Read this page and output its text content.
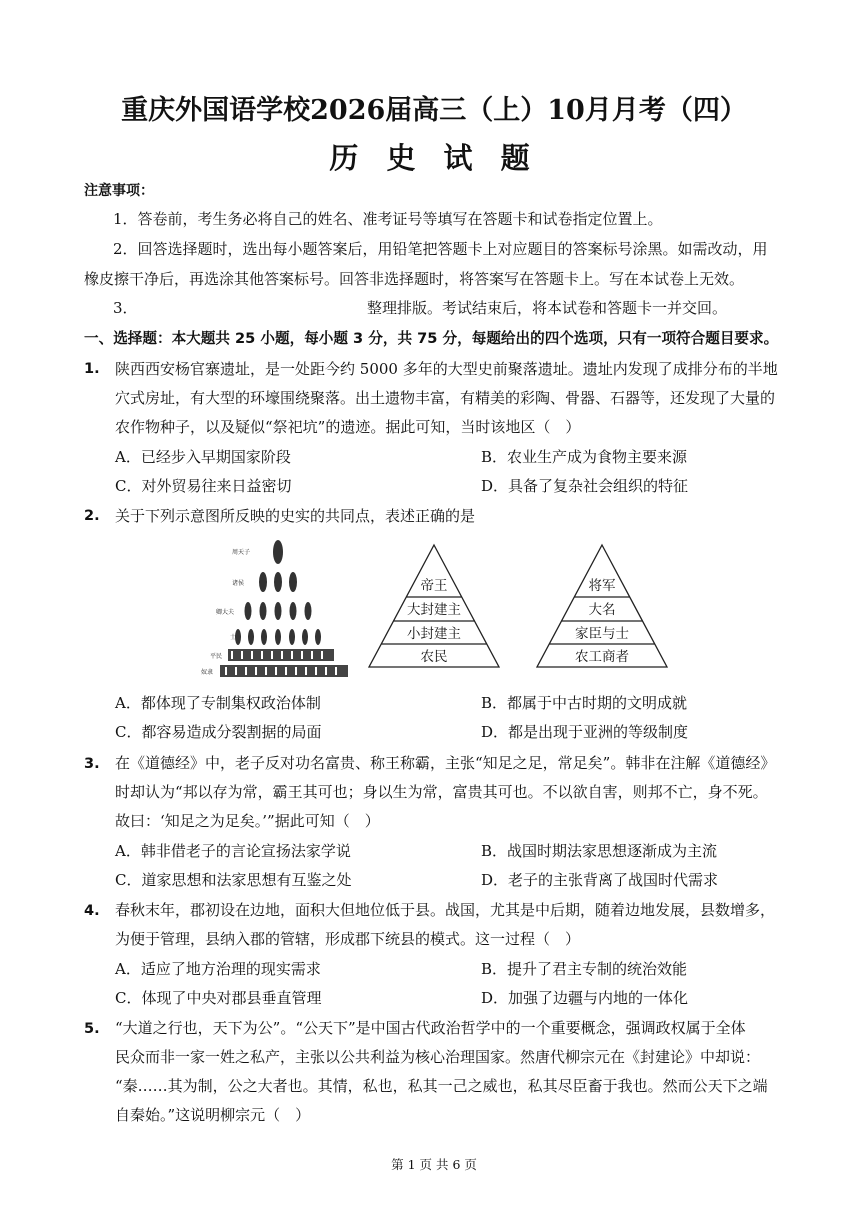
重庆外国语学校2026届高三（上）10月月考（四）
历 史 试 题
注意事项：
1．答卷前，考生务必将自己的姓名、准考证号等填写在答题卡和试卷指定位置上。
2．回答选择题时，选出每小题答案后，用铅笔把答题卡上对应题目的答案标号涂黑。如需改动，用
橡皮擦干净后，再选涂其他答案标号。回答非选择题时，将答案写在答题卡上。写在本试卷上无效。
3．	整理排版。考试结束后，将本试卷和答题卡一并交回。
一、选择题：本大题共 25 小题，每小题 3 分，共 75 分，每题给出的四个选项，只有一项符合题目要求。
1. 陕西西安杨官寨遗址，是一处距今约 5000 多年的大型史前聚落遗址。遗址内发现了成排分布的半地
穴式房址，有大型的环壕围绕聚落。出土遗物丰富，有精美的彩陶、骨器、石器等，还发现了大量的
农作物种子，以及疑似“祭祀坑”的遗迹。据此可知，当时该地区（　）
A．已经步入早期国家阶段	B．农业生产成为食物主要来源
C．对外贸易往来日益密切	D．具备了复杂社会组织的特征
2. 关于下列示意图所反映的史实的共同点，表述正确的是
周天子
诸侯
卿大夫
士
平民
奴隶
帝王
大封建主
小封建主
农民
将军
大名
家臣与士
农工商者
A．都体现了专制集权政治体制	B．都属于中古时期的文明成就
C．都容易造成分裂割据的局面	D．都是出现于亚洲的等级制度
3. 在《道德经》中，老子反对功名富贵、称王称霸，主张“知足之足，常足矣”。韩非在注解《道德经》
时却认为“邦以存为常，霸王其可也；身以生为常，富贵其可也。不以欲自害，则邦不亡，身不死。
故曰：‘知足之为足矣。’”据此可知（　）
A．韩非借老子的言论宣扬法家学说	B．战国时期法家思想逐渐成为主流
C．道家思想和法家思想有互鉴之处	D．老子的主张背离了战国时代需求
4. 春秋末年，郡初设在边地，面积大但地位低于县。战国，尤其是中后期，随着边地发展，县数增多，
为便于管理，县纳入郡的管辖，形成郡下统县的模式。这一过程（　）
A．适应了地方治理的现实需求	B．提升了君主专制的统治效能
C．体现了中央对郡县垂直管理	D．加强了边疆与内地的一体化
5. “大道之行也，天下为公”。“公天下”是中国古代政治哲学中的一个重要概念，强调政权属于全体
民众而非一家一姓之私产，主张以公共利益为核心治理国家。然唐代柳宗元在《封建论》中却说：
“秦……其为制，公之大者也。其情，私也，私其一己之威也，私其尽臣畜于我也。然而公天下之端
自秦始。”这说明柳宗元（　）
第 1 页 共 6 页
